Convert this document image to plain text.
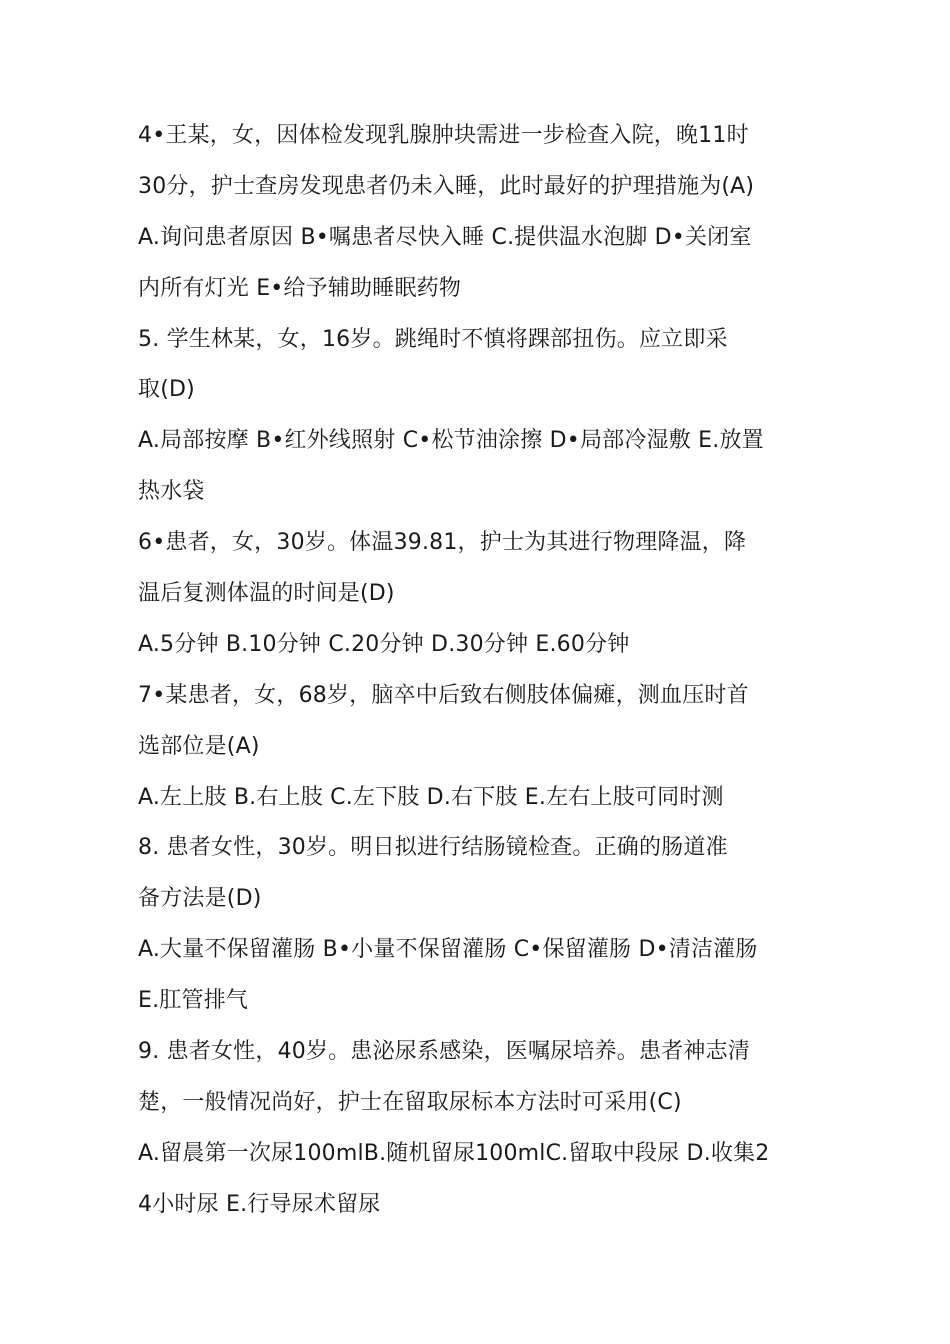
4•王某，女，因体检发现乳腺肿块需进一步检查入院，晚11时
30分，护士查房发现患者仍未入睡，此时最好的护理措施为(A)
A.询问患者原因 B•嘱患者尽快入睡 C.提供温水泡脚 D•关闭室
内所有灯光 E•给予辅助睡眠药物
5. 学生林某，女，16岁。跳绳时不慎将踝部扭伤。应立即采
取(D)
A.局部按摩 B•红外线照射 C•松节油涂擦 D•局部冷湿敷 E.放置
热水袋
6•患者，女，30岁。体温39.81，护士为其进行物理降温，降
温后复测体温的时间是(D)
A.5分钟 B.10分钟 C.20分钟 D.30分钟 E.60分钟
7•某患者，女，68岁，脑卒中后致右侧肢体偏瘫，测血压时首
选部位是(A)
A.左上肢 B.右上肢 C.左下肢 D.右下肢 E.左右上肢可同时测
8. 患者女性，30岁。明日拟进行结肠镜检查。正确的肠道准
备方法是(D)
A.大量不保留灌肠 B•小量不保留灌肠 C•保留灌肠 D•清洁灌肠
E.肛管排气
9. 患者女性，40岁。患泌尿系感染，医嘱尿培养。患者神志清
楚，一般情况尚好，护士在留取尿标本方法时可采用(C)
A.留晨第一次尿100mlB.随机留尿100mlC.留取中段尿 D.收集2
4小时尿 E.行导尿术留尿
